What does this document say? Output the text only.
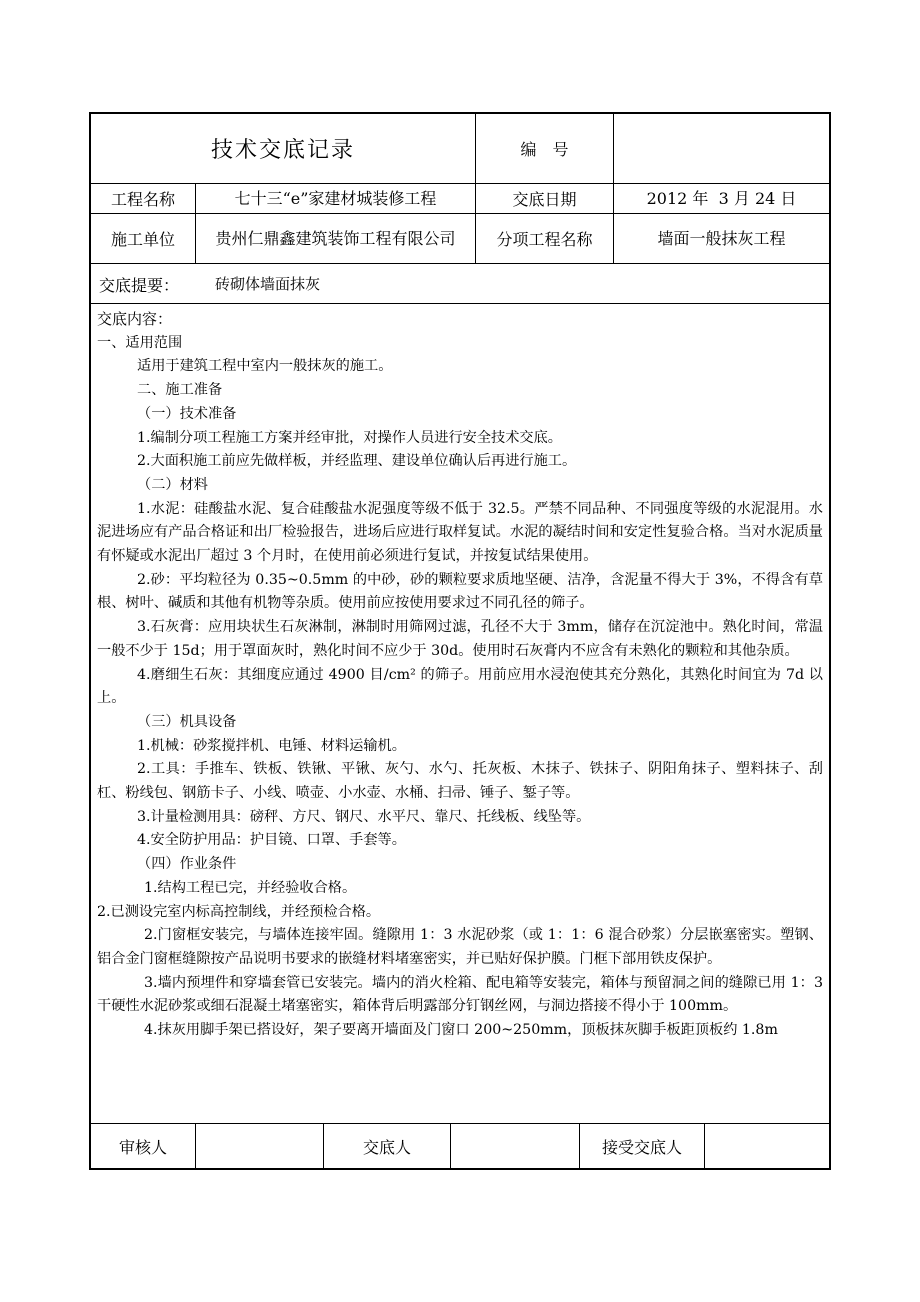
技术交底记录	编　号
工程名称	七十三“e”家建材城装修工程	交底日期	2012 年  3 月 24 日
施工单位	贵州仁鼎鑫建筑装饰工程有限公司	分项工程名称	墙面一般抹灰工程
交底提要： 砖砌体墙面抹灰

交底内容：

一、适用范围

适用于建筑工程中室内一般抹灰的施工。

二、施工准备

（一）技术准备

1.编制分项工程施工方案并经审批，对操作人员进行安全技术交底。

2.大面积施工前应先做样板，并经监理、建设单位确认后再进行施工。

（二）材料

1.水泥：硅酸盐水泥、复合硅酸盐水泥强度等级不低于 32.5。严禁不同品种、不同强度等级的水泥混用。水泥进场应有产品合格证和出厂检验报告，进场后应进行取样复试。水泥的凝结时间和安定性复验合格。当对水泥质量有怀疑或水泥出厂超过 3 个月时，在使用前必须进行复试，并按复试结果使用。

2.砂：平均粒径为 0.35~0.5mm 的中砂，砂的颗粒要求质地坚硬、洁净，含泥量不得大于 3%，不得含有草根、树叶、碱质和其他有机物等杂质。使用前应按使用要求过不同孔径的筛子。

3.石灰膏：应用块状生石灰淋制，淋制时用筛网过滤，孔径不大于 3mm，储存在沉淀池中。熟化时间，常温一般不少于 15d；用于罩面灰时，熟化时间不应少于 30d。使用时石灰膏内不应含有未熟化的颗粒和其他杂质。

4.磨细生石灰：其细度应通过 4900 目/cm² 的筛子。用前应用水浸泡使其充分熟化，其熟化时间宜为 7d 以上。

（三）机具设备

1.机械：砂浆搅拌机、电锤、材料运输机。

2.工具：手推车、铁板、铁锹、平锹、灰勺、水勺、托灰板、木抹子、铁抹子、阴阳角抹子、塑料抹子、刮杠、粉线包、钢筋卡子、小线、喷壶、小水壶、水桶、扫帚、锤子、錾子等。

3.计量检测用具：磅秤、方尺、钢尺、水平尺、靠尺、托线板、线坠等。

4.安全防护用品：护目镜、口罩、手套等。

（四）作业条件

1.结构工程已完，并经验收合格。

2.已测设完室内标高控制线，并经预检合格。

2.门窗框安装完，与墙体连接牢固。缝隙用 1：3 水泥砂浆（或 1：1：6 混合砂浆）分层嵌塞密实。塑钢、铝合金门窗框缝隙按产品说明书要求的嵌缝材料堵塞密实，并已贴好保护膜。门框下部用铁皮保护。

3.墙内预埋件和穿墙套管已安装完。墙内的消火栓箱、配电箱等安装完，箱体与预留洞之间的缝隙已用 1：3 干硬性水泥砂浆或细石混凝土堵塞密实，箱体背后明露部分钉钢丝网，与洞边搭接不得小于 100mm。

4.抹灰用脚手架已搭设好，架子要离开墙面及门窗口 200~250mm，顶板抹灰脚手板距顶板约 1.8m

审核人	交底人	接受交底人
